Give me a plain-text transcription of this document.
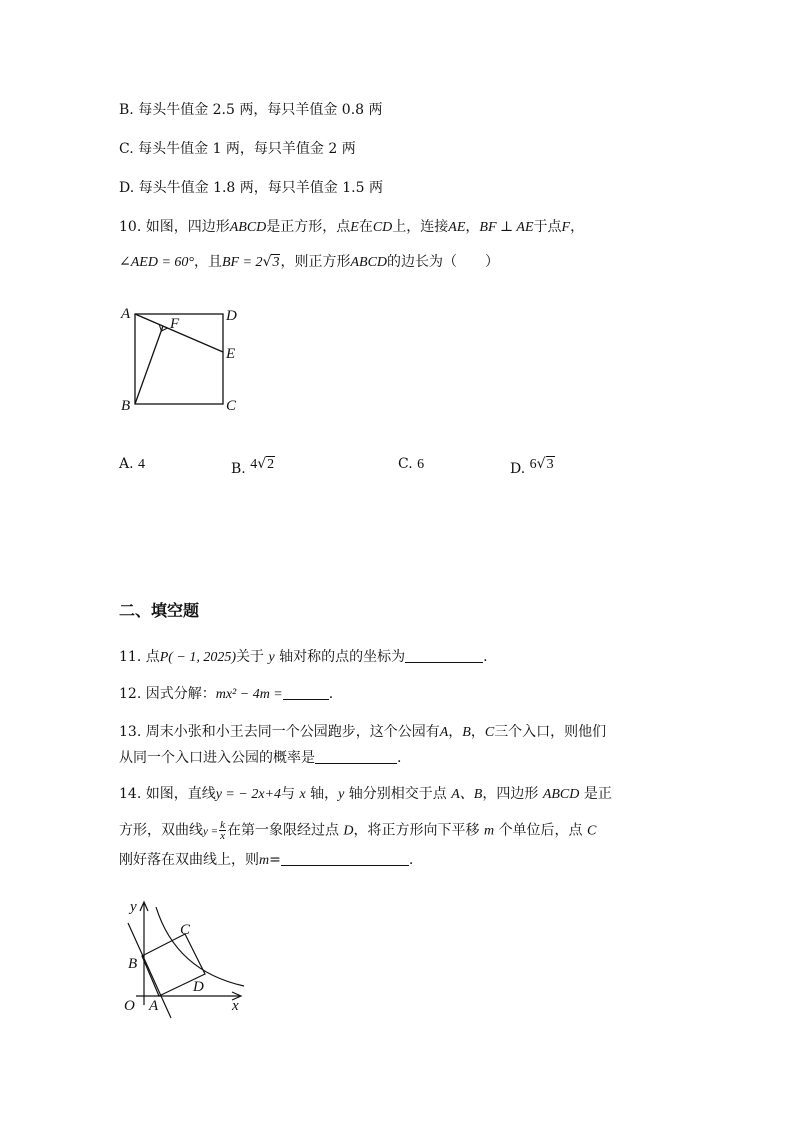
B. 每头牛值金 2.5 两，每只羊值金 0.8 两
C. 每头牛值金 1 两，每只羊值金 2 两
D. 每头牛值金 1.8 两，每只羊值金 1.5 两
10. 如图，四边形ABCD是正方形，点E在CD上，连接AE，BF ⊥ AE于点F，
∠AED = 60°，且BF = 2√3，则正方形ABCD的边长为（　　）
A	D
E
F
B	C
A. 4	B. 4√2	C. 6	D. 6√3
二、填空题
11. 点P( − 1, 2025)关于 y 轴对称的点的坐标为	.
12. 因式分解：mx² − 4m =	.
13. 周末小张和小王去同一个公园跑步，这个公园有A，B，C三个入口，则他们
从同一个入口进入公园的概率是	.
14. 如图，直线y = − 2x+4与 x 轴，y 轴分别相交于点 A、B，四边形 ABCD 是正
方形，双曲线$y = \frac{k}{x}$ 在第一象限经过点 D，将正方形向下平移 m 个单位后，点 C
刚好落在双曲线上，则m=	.
y
x
O A
B
C
D
